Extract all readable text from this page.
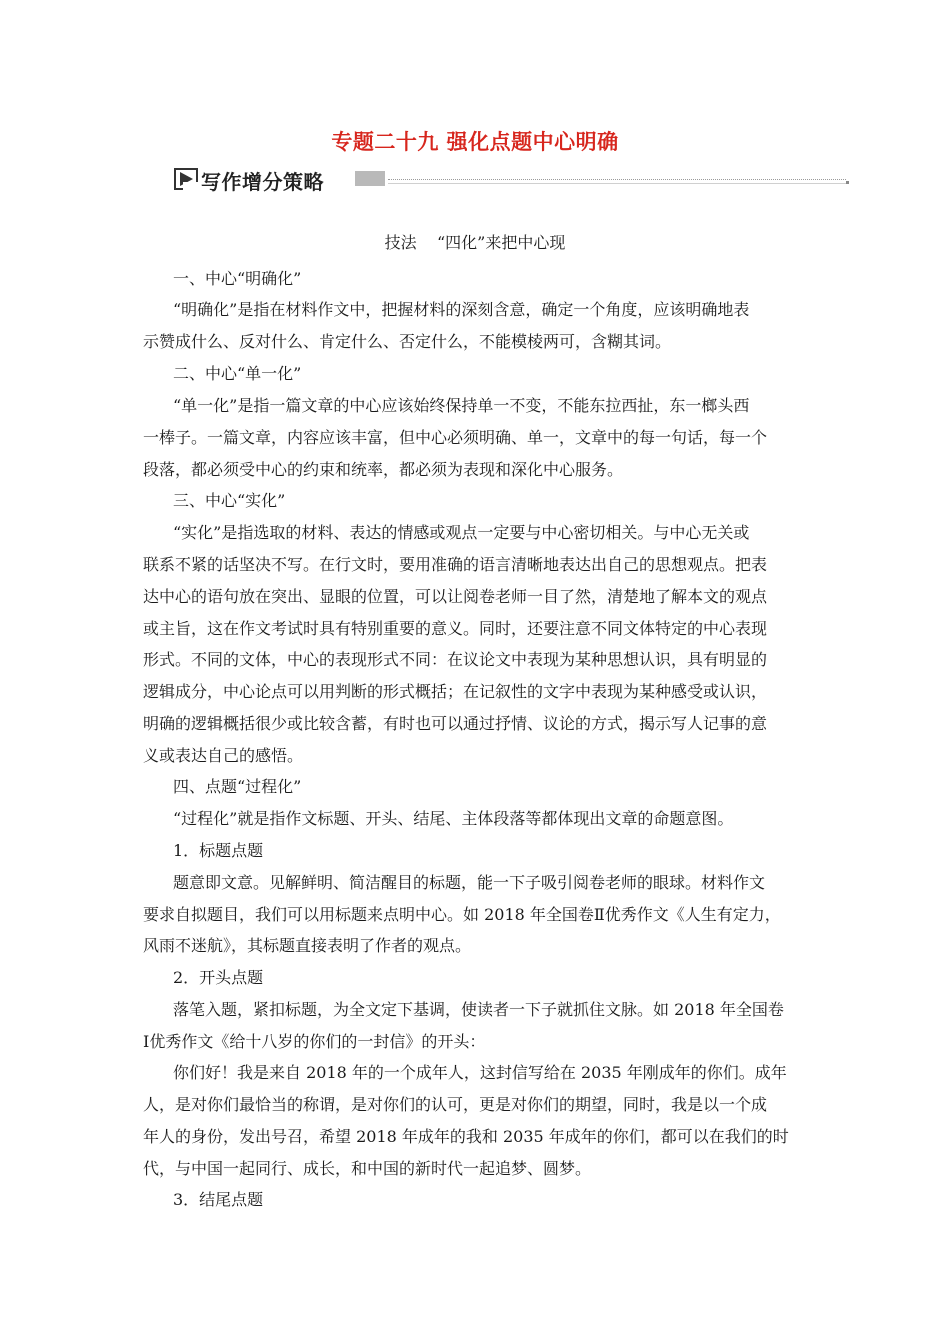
专题二十九 强化点题中心明确
写作增分策略
技法    “四化”来把中心现
一、中心“明确化”
“明确化”是指在材料作文中，把握材料的深刻含意，确定一个角度，应该明确地表
示赞成什么、反对什么、肯定什么、否定什么，不能模棱两可，含糊其词。
二、中心“单一化”
“单一化”是指一篇文章的中心应该始终保持单一不变，不能东拉西扯，东一榔头西
一棒子。一篇文章，内容应该丰富，但中心必须明确、单一，文章中的每一句话，每一个
段落，都必须受中心的约束和统率，都必须为表现和深化中心服务。
三、中心“实化”
“实化”是指选取的材料、表达的情感或观点一定要与中心密切相关。与中心无关或
联系不紧的话坚决不写。在行文时，要用准确的语言清晰地表达出自己的思想观点。把表
达中心的语句放在突出、显眼的位置，可以让阅卷老师一目了然，清楚地了解本文的观点
或主旨，这在作文考试时具有特别重要的意义。同时，还要注意不同文体特定的中心表现
形式。不同的文体，中心的表现形式不同：在议论文中表现为某种思想认识，具有明显的
逻辑成分，中心论点可以用判断的形式概括；在记叙性的文字中表现为某种感受或认识，
明确的逻辑概括很少或比较含蓄，有时也可以通过抒情、议论的方式，揭示写人记事的意
义或表达自己的感悟。
四、点题“过程化”
“过程化”就是指作文标题、开头、结尾、主体段落等都体现出文章的命题意图。
1．标题点题
题意即文意。见解鲜明、简洁醒目的标题，能一下子吸引阅卷老师的眼球。材料作文
要求自拟题目，我们可以用标题来点明中心。如 2018 年全国卷Ⅱ优秀作文《人生有定力，
风雨不迷航》，其标题直接表明了作者的观点。
2．开头点题
落笔入题，紧扣标题，为全文定下基调，使读者一下子就抓住文脉。如 2018 年全国卷
Ⅰ优秀作文《给十八岁的你们的一封信》的开头：
你们好！我是来自 2018 年的一个成年人，这封信写给在 2035 年刚成年的你们。成年
人，是对你们最恰当的称谓，是对你们的认可，更是对你们的期望，同时，我是以一个成
年人的身份，发出号召，希望 2018 年成年的我和 2035 年成年的你们，都可以在我们的时
代，与中国一起同行、成长，和中国的新时代一起追梦、圆梦。
3．结尾点题
